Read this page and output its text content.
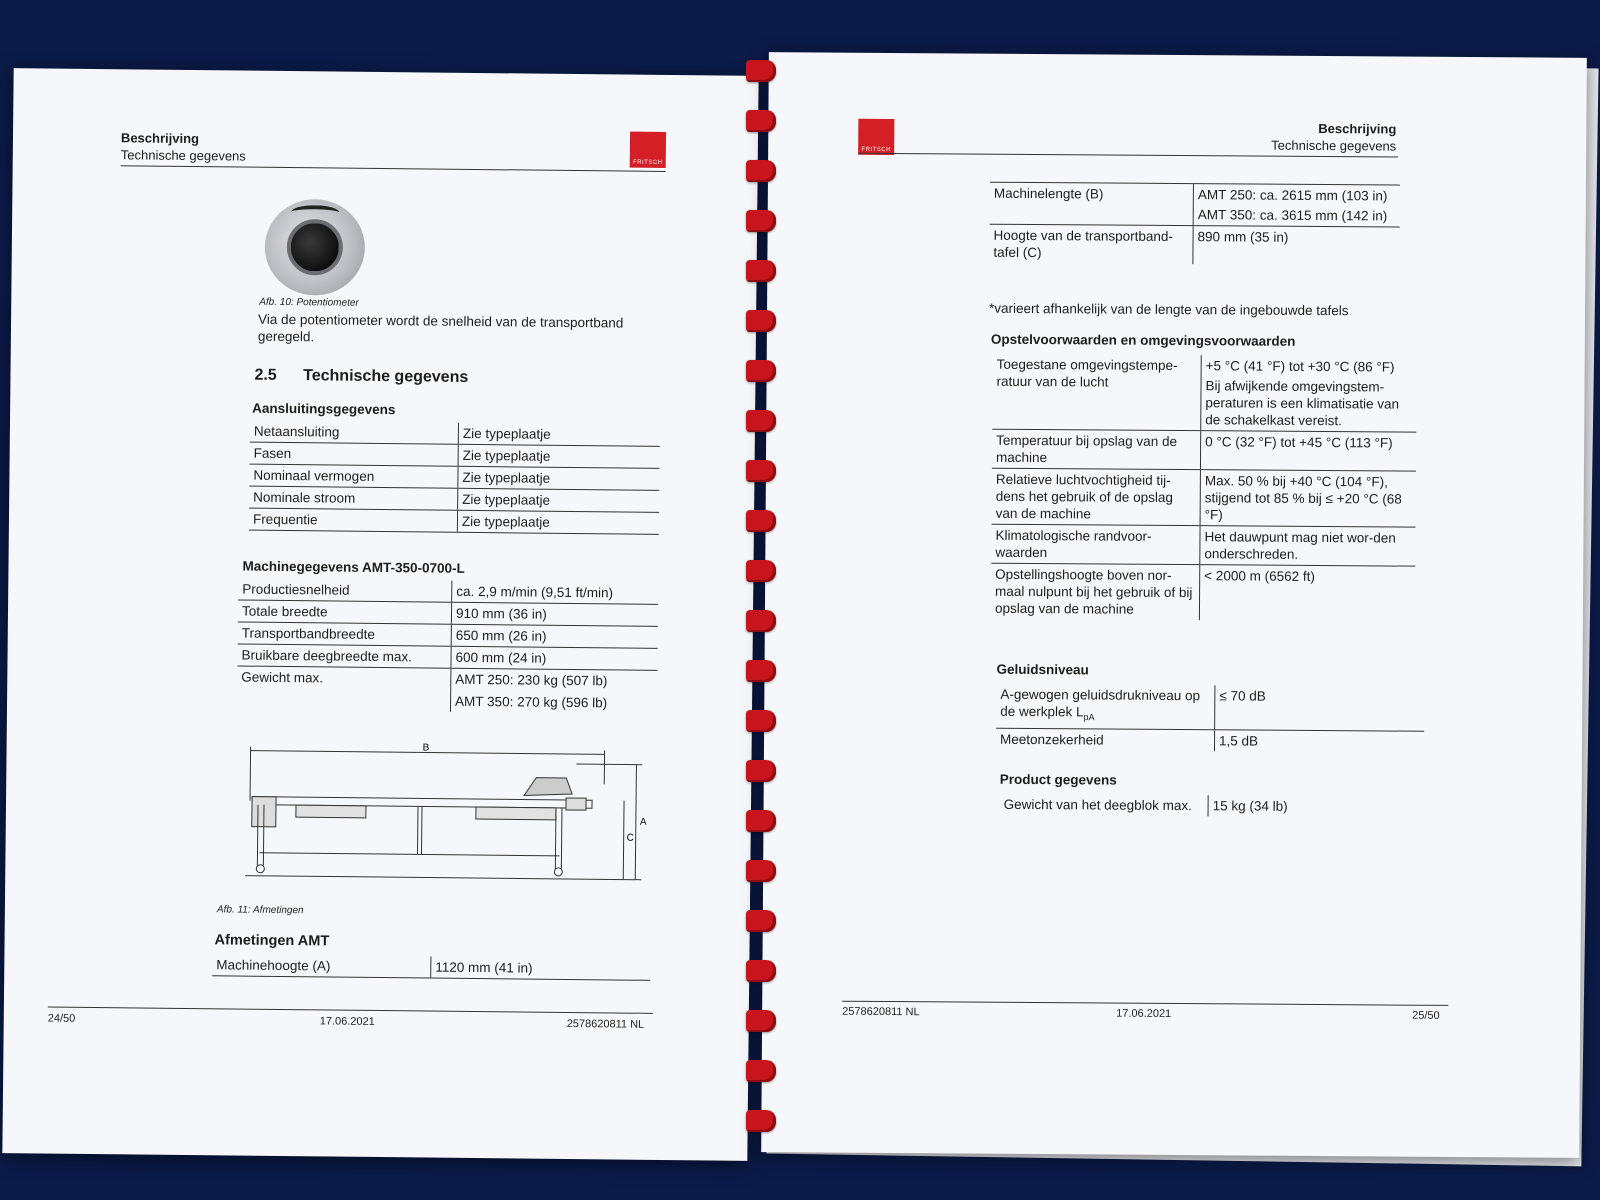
Beschrijving
Technische gegevens	FRITSCH
Afb. 10: Potentiometer
Via de potentiometer wordt de snelheid van de transportband geregeld.
2.5 Technische gegevens
Aansluitingsgegevens
Netaansluiting	Zie typeplaatje

Fasen	Zie typeplaatje

Nominaal vermogen	Zie typeplaatje

Nominale stroom	Zie typeplaatje

Frequentie	Zie typeplaatje
Machinegegevens AMT-350-0700-L
Productiesnelheid	ca. 2,9 m/min (9,51 ft/min)

Totale breedte	910 mm (36 in)

Transportbandbreedte	650 mm (26 in)

Bruikbare deegbreedte max.	600 mm (24 in)

Gewicht max.	AMT 250: 230 kg (507 lb)
AMT 350: 270 kg (596 lb)
B
A
C
Afb. 11: Afmetingen
Afmetingen AMT
Machinehoogte (A)	1120 mm (41 in)
24/50	17.06.2021	2578620811 NL
FRITSCH
Beschrijving
Technische gegevens
Machinelengte (B)	AMT 250: ca. 2615 mm (103 in)
AMT 350: ca. 3615 mm (142 in)

Hoogte van de transportband-tafel (C)	890 mm (35 in)
*varieert afhankelijk van de lengte van de ingebouwde tafels
Opstelvoorwaarden en omgevingsvoorwaarden
Toegestane omgevingstempe-ratuur van de lucht	+5 °C (41 °F) tot +30 °C (86 °F)
Bij afwijkende omgevingstem-peraturen is een klimatisatie van de schakelkast vereist.

Temperatuur bij opslag van de machine	0 °C (32 °F) tot +45 °C (113 °F)

Relatieve luchtvochtigheid tij-dens het gebruik of de opslag van de machine	Max. 50 % bij +40 °C (104 °F), stijgend tot 85 % bij ≤ +20 °C (68 °F)

Klimatologische randvoor-waarden	Het dauwpunt mag niet wor-den onderschreden.

Opstellingshoogte boven nor-maal nulpunt bij het gebruik of bij opslag van de machine	< 2000 m (6562 ft)
Geluidsniveau
A-gewogen geluidsdrukniveau op de werkplek $L_{pA}$	≤ 70 dB
Meetonzekerheid	1,5 dB
Product gegevens
Gewicht van het deegblok max.	15 kg (34 lb)
2578620811 NL	17.06.2021	25/50
